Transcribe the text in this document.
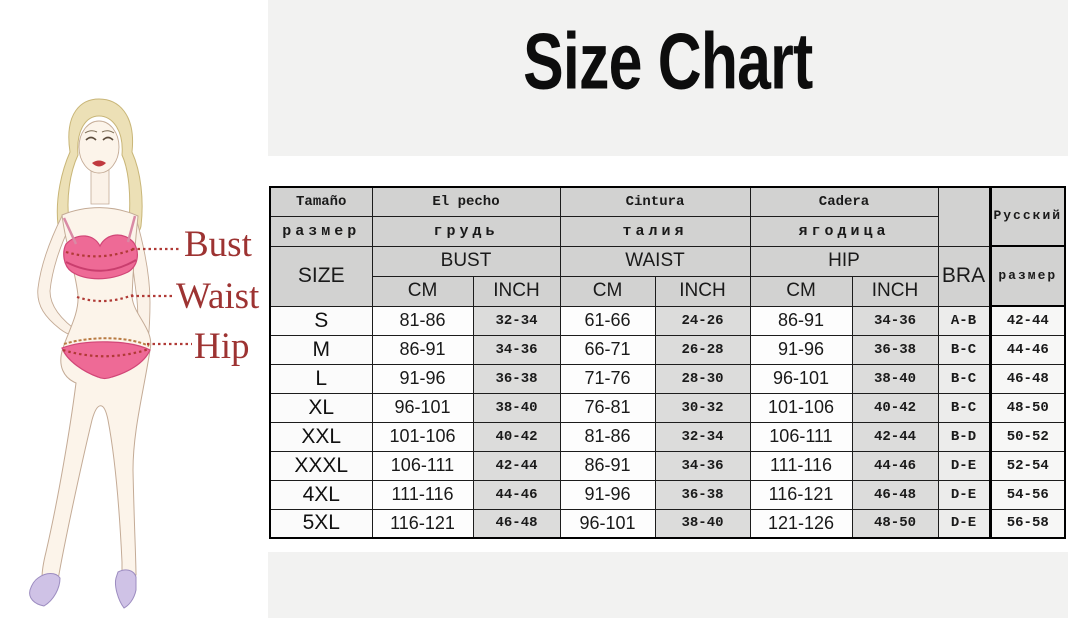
Size Chart
Bust
Waist
Hip
Tamaño	El pecho		Cintura		Cadera			Русский
размер	грудь		талия		ягодица			
SIZE	BUST		WAIST		HIP		BRA	размер
	CM	INCH	CM	INCH	CM	INCH		
S	81-86	32-34	61-66	24-26	86-91	34-36	A-B	42-44
M	86-91	34-36	66-71	26-28	91-96	36-38	B-C	44-46
L	91-96	36-38	71-76	28-30	96-101	38-40	B-C	46-48
XL	96-101	38-40	76-81	30-32	101-106	40-42	B-C	48-50
XXL	101-106	40-42	81-86	32-34	106-111	42-44	B-D	50-52
XXXL	106-111	42-44	86-91	34-36	111-116	44-46	D-E	52-54
4XL	111-116	44-46	91-96	36-38	116-121	46-48	D-E	54-56
5XL	116-121	46-48	96-101	38-40	121-126	48-50	D-E	56-58
